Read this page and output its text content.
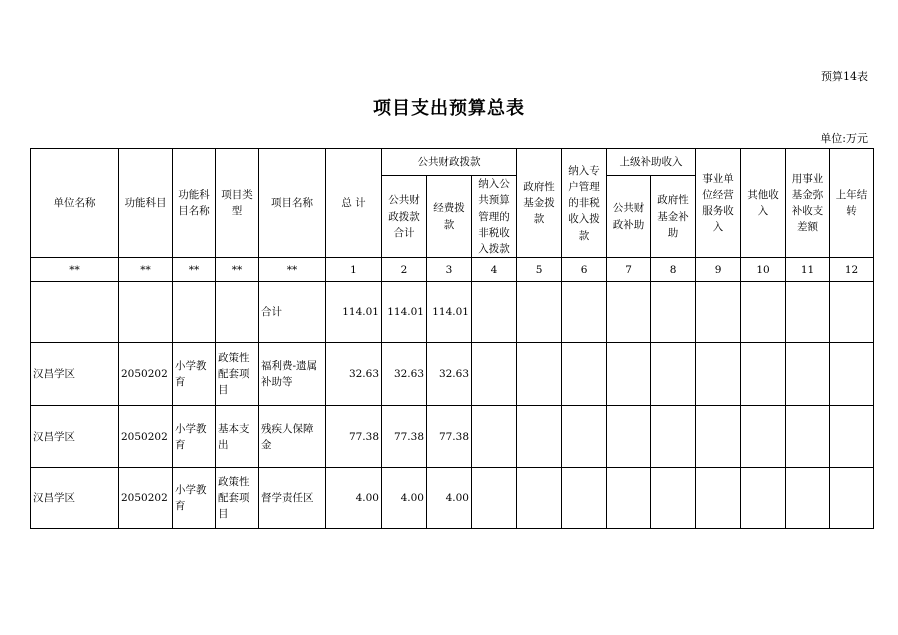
预算14表
项目支出预算总表
单位:万元
单位名称	功能科目	功能科目名称	项目类型	项目名称	总 计	公共财政拨款			政府性基金拨款	纳入专户管理的非税收入拨款	上级补助收入		事业单位经营服务收入	其他收入	用事业基金弥补收支差额	上年结转
						公共财政拨款合计	经费拨款	纳入公共预算管理的非税收入拨款			公共财政补助	政府性基金补助				
**	**	**	**	**	1	2	3	4	5	6	7	8	9	10	11	12
				合计	114.01	114.01	114.01									
汉昌学区	2050202	小学教育	政策性配套项目	福利费-遗属补助等	32.63	32.63	32.63									
汉昌学区	2050202	小学教育	基本支出	残疾人保障金	77.38	77.38	77.38									
汉昌学区	2050202	小学教育	政策性配套项目	督学责任区	4.00	4.00	4.00									
